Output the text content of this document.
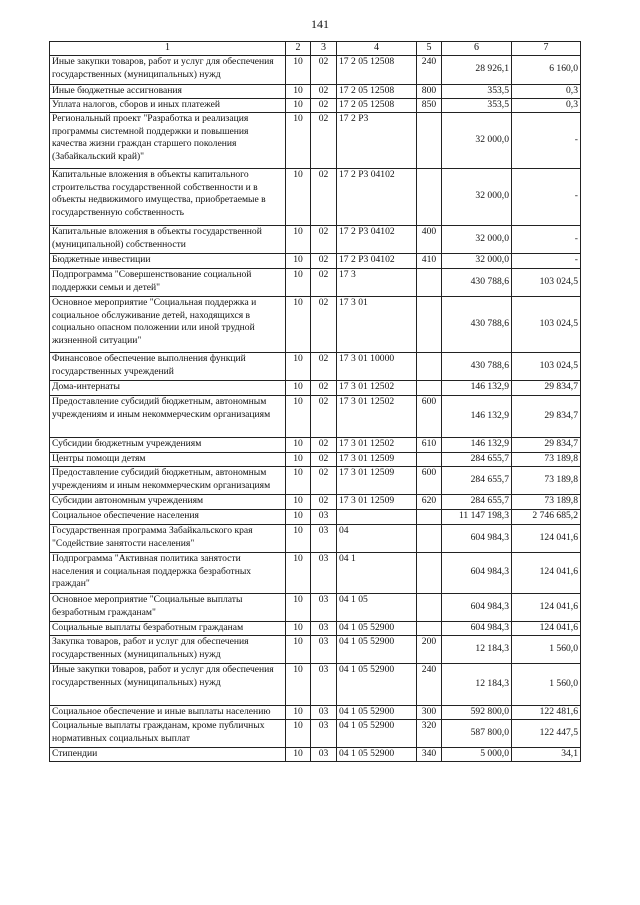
141
1	2	3	4	5	6	7
Иные закупки товаров, работ и услуг для обеспечения государственных (муниципальных) нужд	10	02	17 2 05 12508	240	28 926,1	6 160,0
Иные бюджетные ассигнования	10	02	17 2 05 12508	800	353,5	0,3
Уплата налогов, сборов и иных платежей	10	02	17 2 05 12508	850	353,5	0,3
Региональный проект "Разработка и реализация программы системной поддержки и повышения качества жизни граждан старшего поколения (Забайкальский край)"	10	02	17 2 P3		32 000,0	-
Капитальные вложения в объекты капитального строительства государственной собственности и в объекты недвижимого имущества, приобретаемые в государственную собственность	10	02	17 2 P3 04102		32 000,0	-
Капитальные вложения в объекты государственной (муниципальной) собственности	10	02	17 2 P3 04102	400	32 000,0	-
Бюджетные инвестиции	10	02	17 2 P3 04102	410	32 000,0	-
Подпрограмма "Совершенствование социальной поддержки семьи и детей"	10	02	17 3		430 788,6	103 024,5
Основное мероприятие "Социальная поддержка и социальное обслуживание детей, находящихся в социально опасном положении или иной трудной жизненной ситуации"	10	02	17 3 01		430 788,6	103 024,5
Финансовое обеспечение выполнения функций государственных учреждений	10	02	17 3 01 10000		430 788,6	103 024,5
Дома-интернаты	10	02	17 3 01 12502		146 132,9	29 834,7
Предоставление субсидий бюджетным, автономным учреждениям и иным некоммерческим организациям	10	02	17 3 01 12502	600	146 132,9	29 834,7
Субсидии бюджетным учреждениям	10	02	17 3 01 12502	610	146 132,9	29 834,7
Центры помощи детям	10	02	17 3 01 12509		284 655,7	73 189,8
Предоставление субсидий бюджетным, автономным учреждениям и иным некоммерческим организациям	10	02	17 3 01 12509	600	284 655,7	73 189,8
Субсидии автономным учреждениям	10	02	17 3 01 12509	620	284 655,7	73 189,8
Социальное обеспечение населения	10	03			11 147 198,3	2 746 685,2
Государственная программа Забайкальского края "Содействие занятости населения"	10	03	04		604 984,3	124 041,6
Подпрограмма "Активная политика занятости населения и социальная поддержка безработных граждан"	10	03	04 1		604 984,3	124 041,6
Основное мероприятие "Социальные выплаты безработным гражданам"	10	03	04 1 05		604 984,3	124 041,6
Социальные выплаты безработным гражданам	10	03	04 1 05 52900		604 984,3	124 041,6
Закупка товаров, работ и услуг для обеспечения государственных (муниципальных) нужд	10	03	04 1 05 52900	200	12 184,3	1 560,0
Иные закупки товаров, работ и услуг для обеспечения государственных (муниципальных) нужд	10	03	04 1 05 52900	240	12 184,3	1 560,0
Социальное обеспечение и иные выплаты населению	10	03	04 1 05 52900	300	592 800,0	122 481,6
Социальные выплаты гражданам, кроме публичных нормативных социальных выплат	10	03	04 1 05 52900	320	587 800,0	122 447,5
Стипендии	10	03	04 1 05 52900	340	5 000,0	34,1
